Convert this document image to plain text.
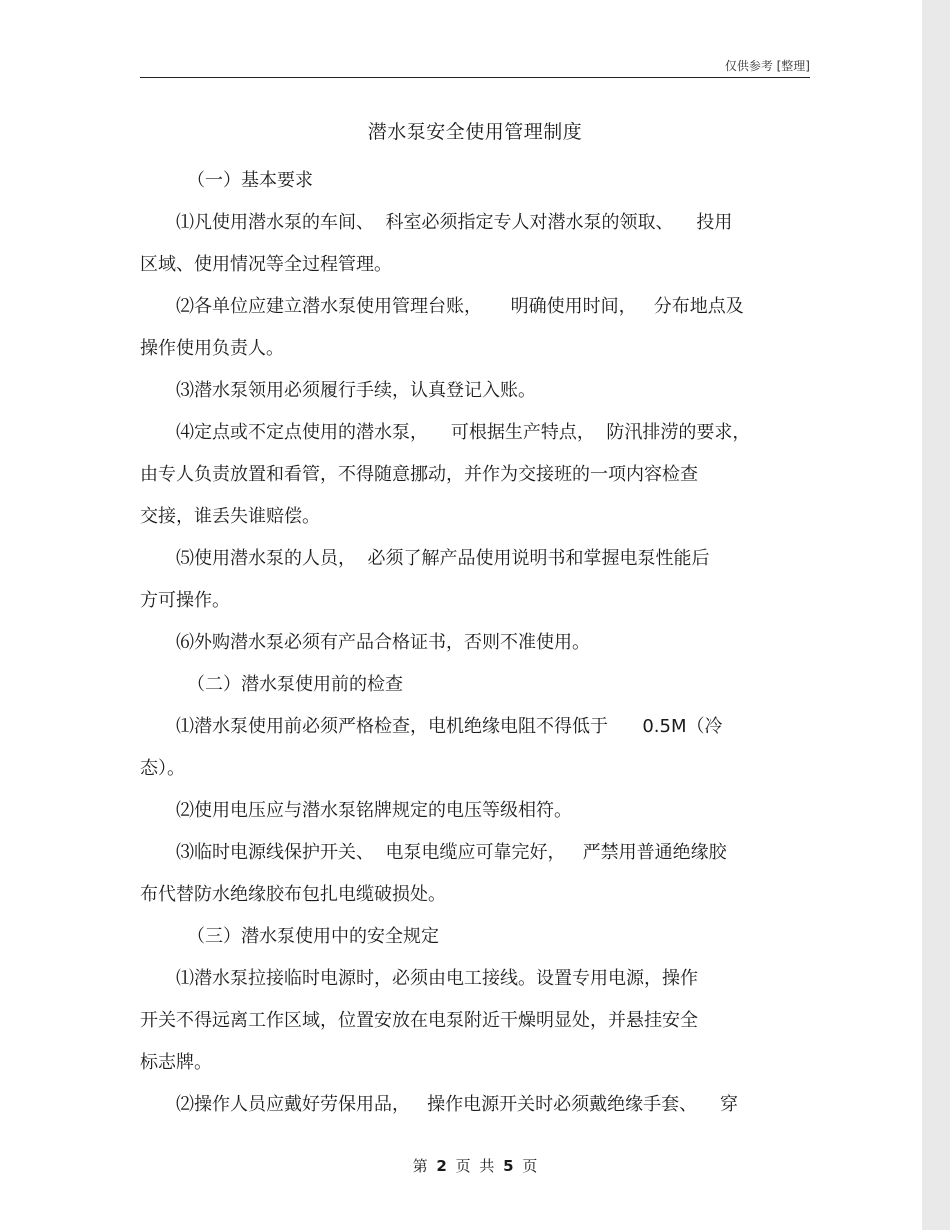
仅供参考 [整理]
潜水泵安全使用管理制度
（一）基本要求
⑴凡使用潜水泵的车间、  科室必须指定专人对潜水泵的领取、    投用
区域、使用情况等全过程管理。
⑵各单位应建立潜水泵使用管理台账，     明确使用时间，   分布地点及
操作使用负责人。
⑶潜水泵领用必须履行手续，认真登记入账。
⑷定点或不定点使用的潜水泵，    可根据生产特点，  防汛排涝的要求，
由专人负责放置和看管，不得随意挪动，并作为交接班的一项内容检查
交接，谁丢失谁赔偿。
⑸使用潜水泵的人员，  必须了解产品使用说明书和掌握电泵性能后
方可操作。
⑹外购潜水泵必须有产品合格证书，否则不准使用。
（二）潜水泵使用前的检查
⑴潜水泵使用前必须严格检查，电机绝缘电阻不得低于      0.5M（冷
态）。
⑵使用电压应与潜水泵铭牌规定的电压等级相符。
⑶临时电源线保护开关、  电泵电缆应可靠完好，   严禁用普通绝缘胶
布代替防水绝缘胶布包扎电缆破损处。
（三）潜水泵使用中的安全规定
⑴潜水泵拉接临时电源时，必须由电工接线。设置专用电源，操作
开关不得远离工作区域，位置安放在电泵附近干燥明显处，并悬挂安全
标志牌。
⑵操作人员应戴好劳保用品，   操作电源开关时必须戴绝缘手套、    穿
第 2 页 共 5 页
